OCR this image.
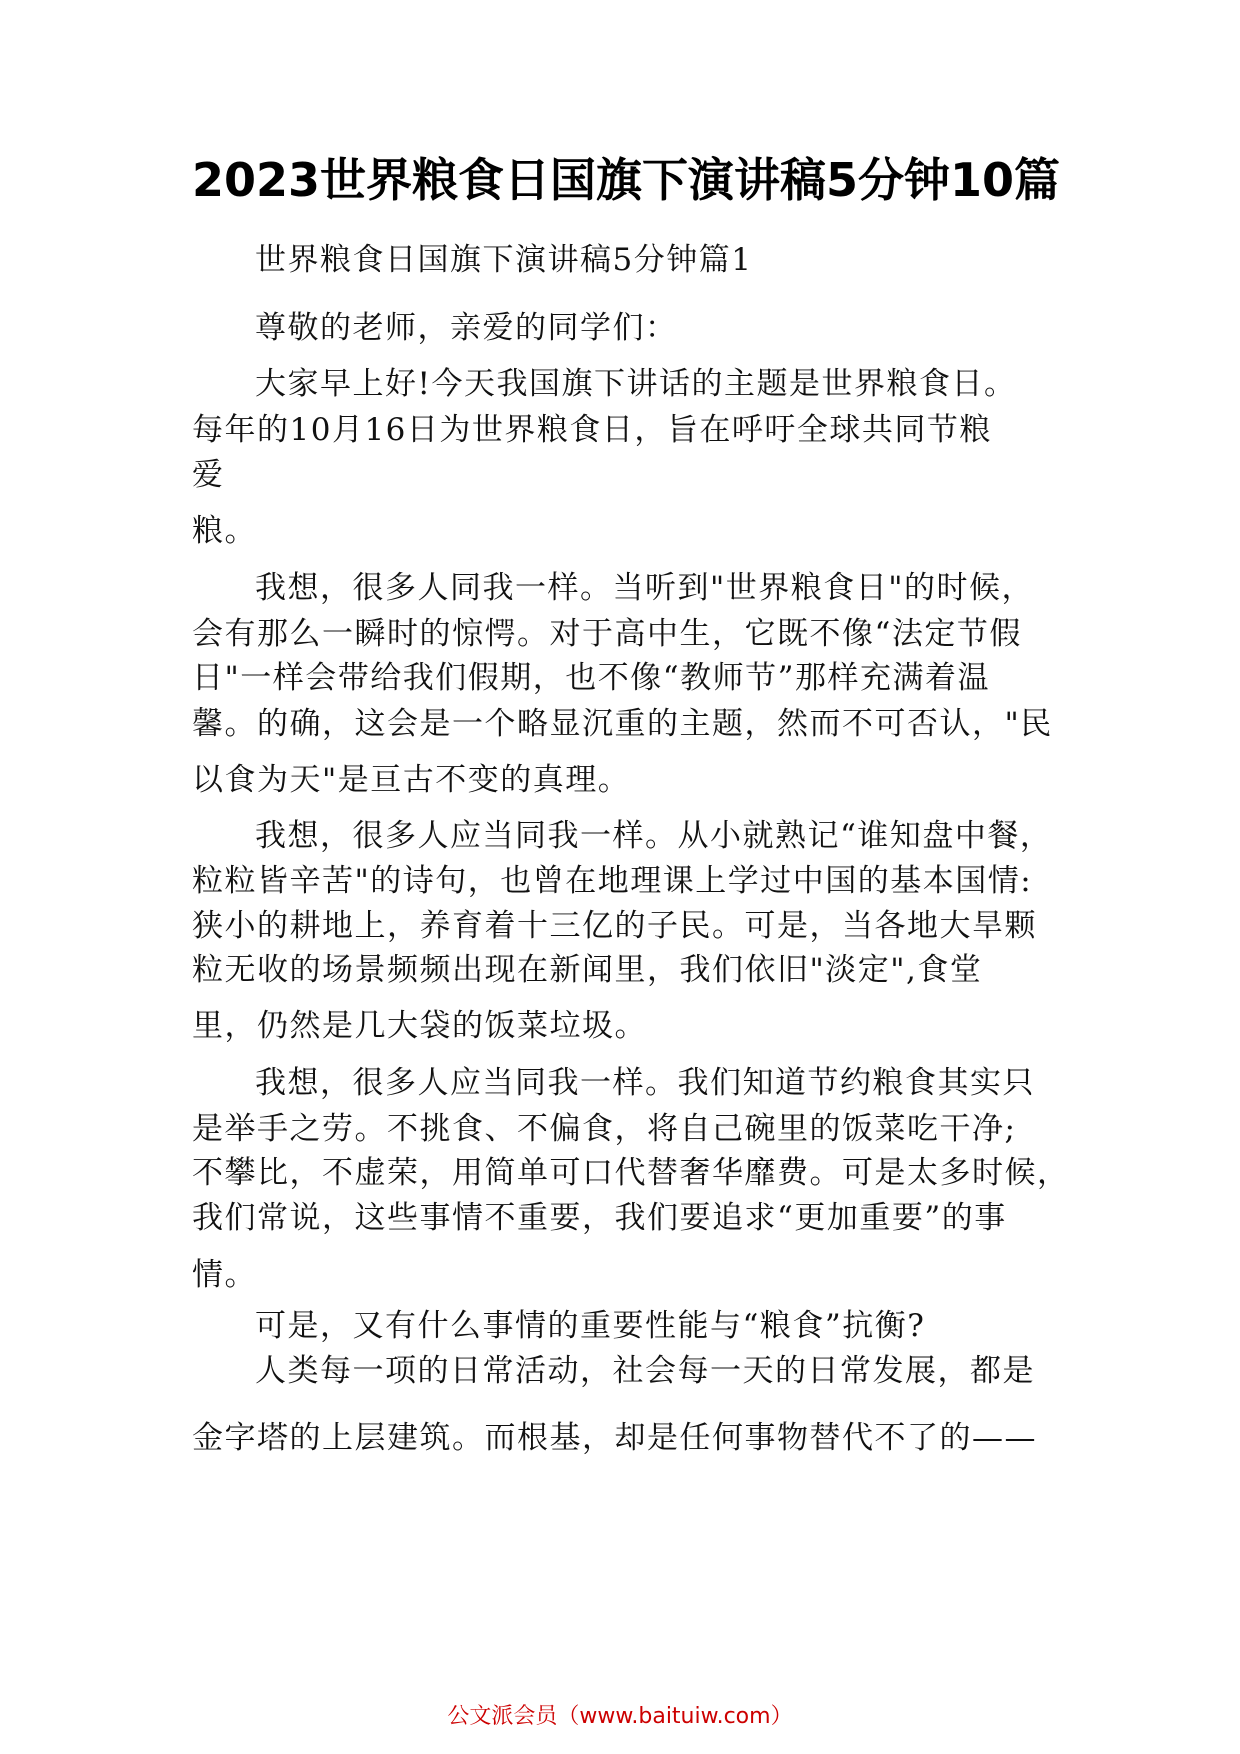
2023世界粮食日国旗下演讲稿5分钟10篇
世界粮食日国旗下演讲稿5分钟篇1
尊敬的老师，亲爱的同学们：
大家早上好!今天我国旗下讲话的主题是世界粮食日。
每年的10月16日为世界粮食日，旨在呼吁全球共同节粮
爱
粮。
我想，很多人同我一样。当听到"世界粮食日"的时候，
会有那么一瞬时的惊愕。对于高中生，它既不像“法定节假
日"一样会带给我们假期，也不像“教师节”那样充满着温
馨。的确，这会是一个略显沉重的主题，然而不可否认，"民
以食为天"是亘古不变的真理。
我想，很多人应当同我一样。从小就熟记“谁知盘中餐，
粒粒皆辛苦"的诗句，也曾在地理课上学过中国的基本国情:
狭小的耕地上，养育着十三亿的子民。可是，当各地大旱颗
粒无收的场景频频出现在新闻里，我们依旧"淡定",食堂
里，仍然是几大袋的饭菜垃圾。
我想，很多人应当同我一样。我们知道节约粮食其实只
是举手之劳。不挑食、不偏食，将自己碗里的饭菜吃干净;
不攀比，不虚荣，用简单可口代替奢华靡费。可是太多时候，
我们常说，这些事情不重要，我们要追求“更加重要”的事
情。
可是，又有什么事情的重要性能与“粮食”抗衡?
人类每一项的日常活动，社会每一天的日常发展，都是
金字塔的上层建筑。而根基，却是任何事物替代不了的——
公文派会员（www.baituiw.com）
